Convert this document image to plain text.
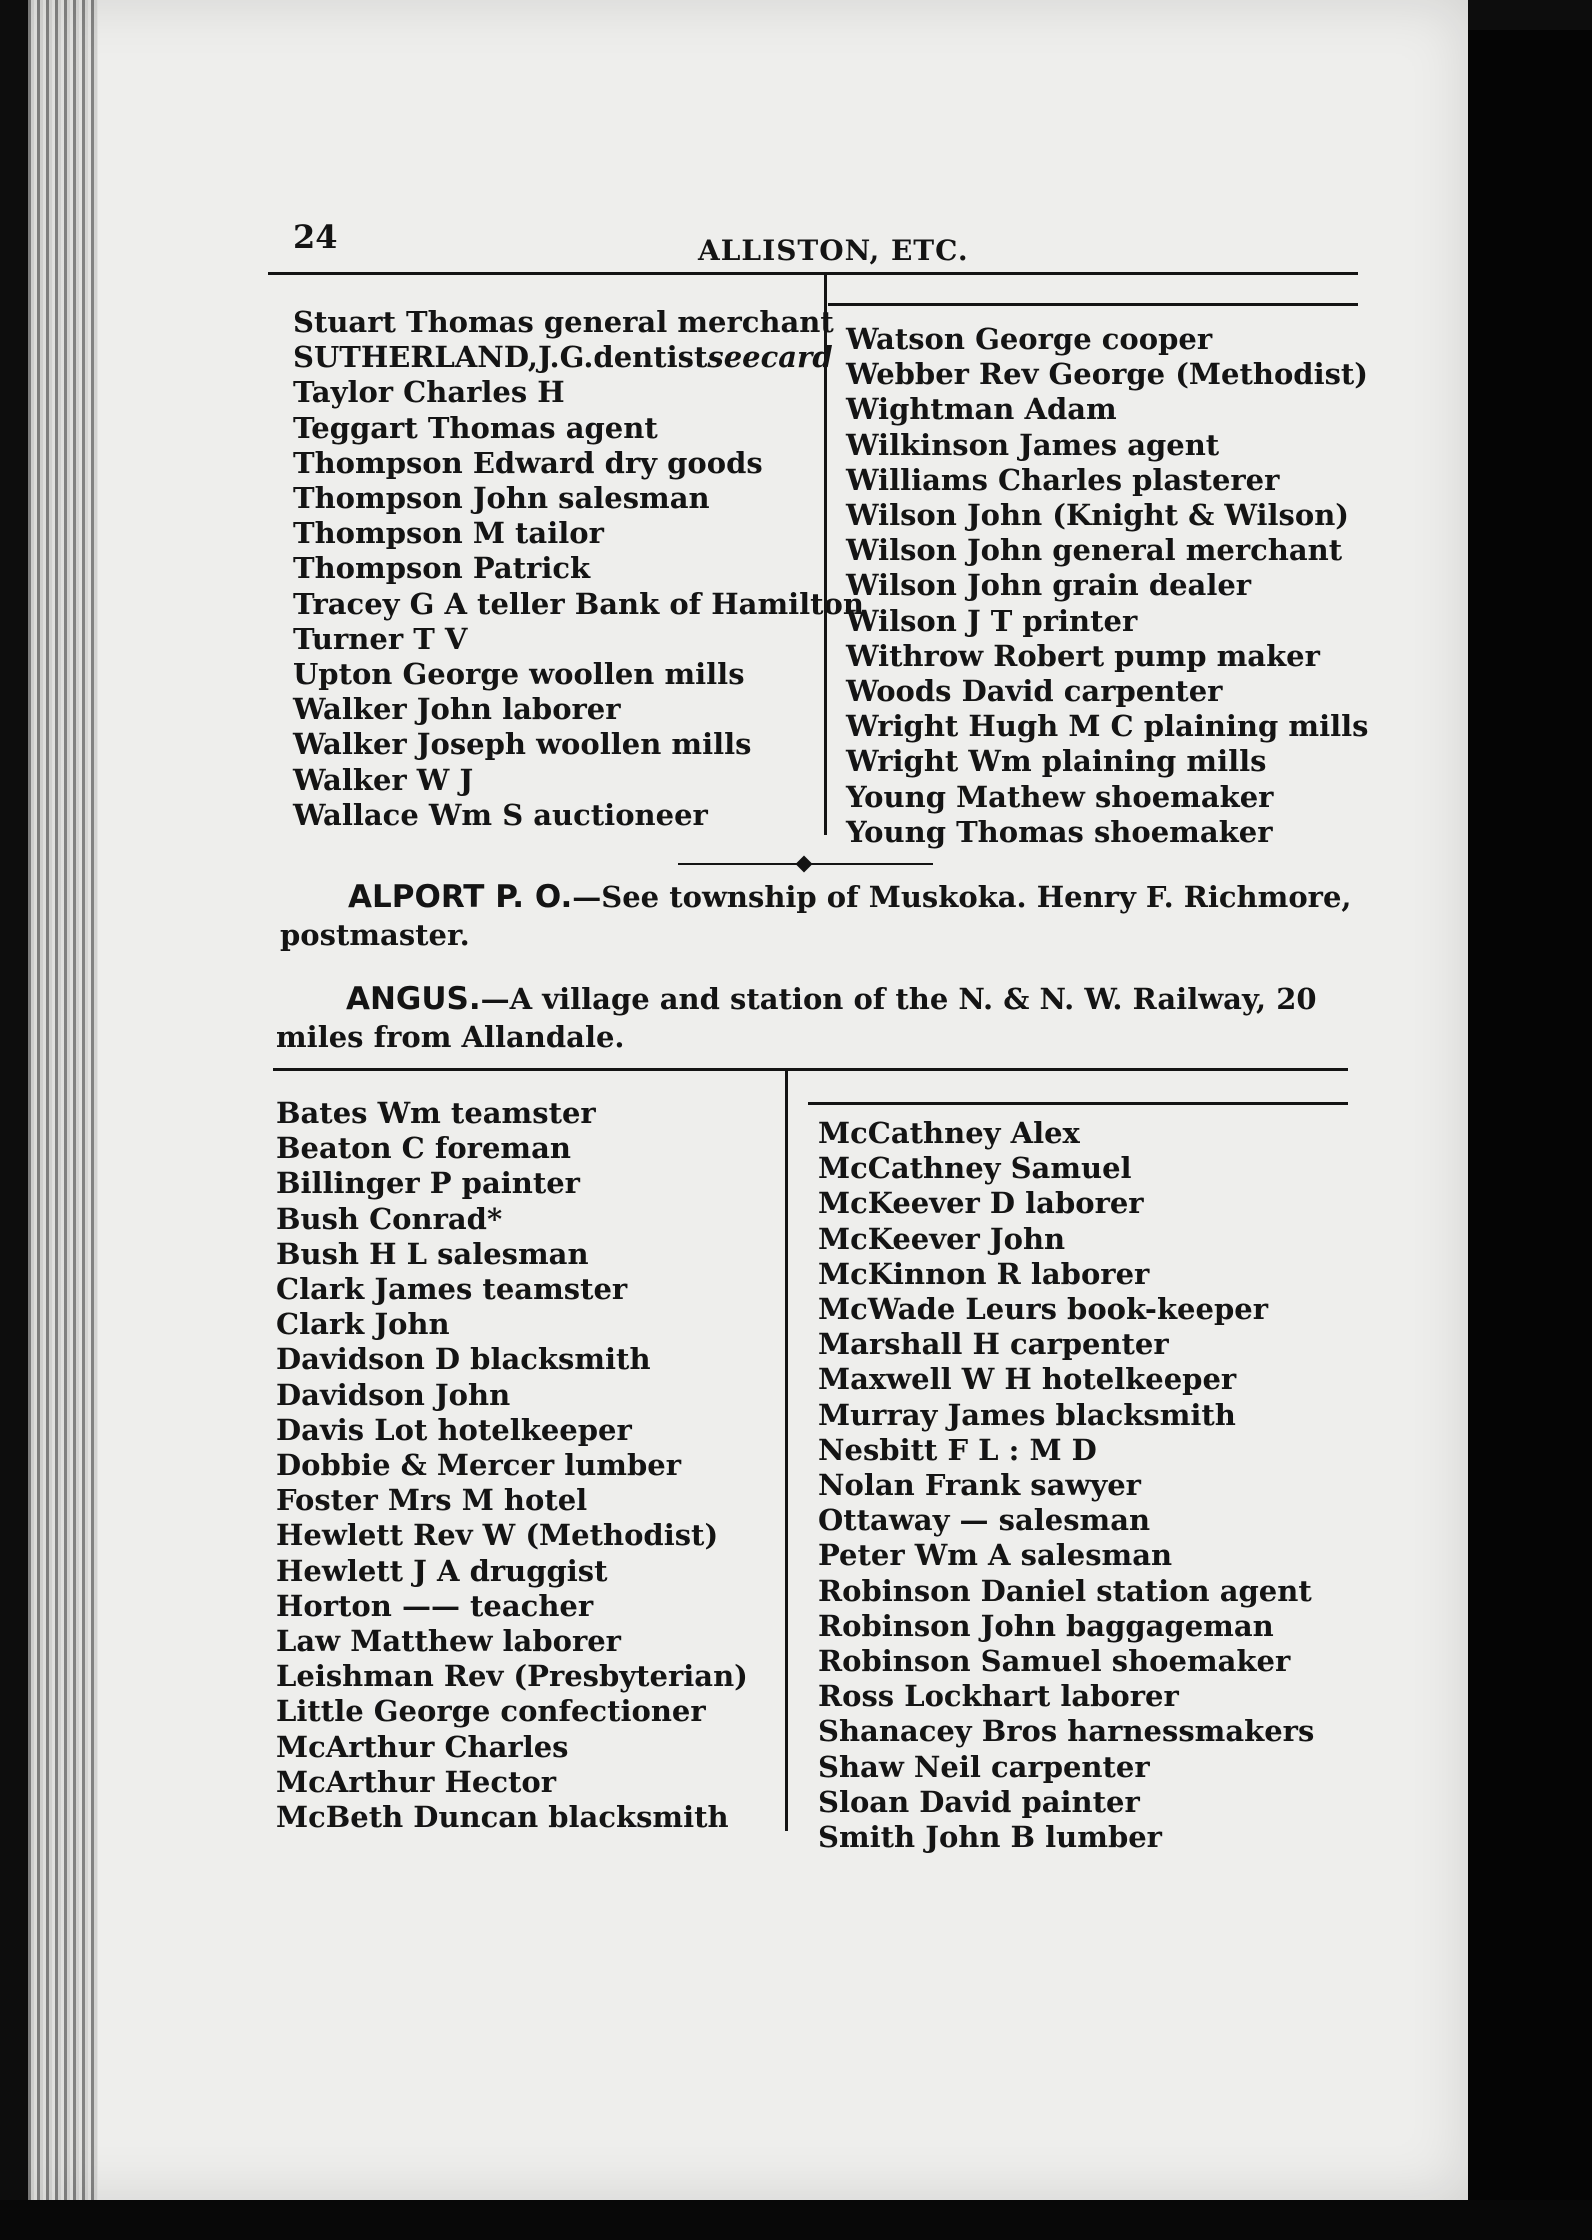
24	ALLISTON, ETC.
Stuart Thomas general merchant
SUTHERLAND,J.G.dentistseecard
Taylor Charles H
Teggart Thomas agent
Thompson Edward dry goods
Thompson John salesman
Thompson M tailor
Thompson Patrick
Tracey G A teller Bank of Hamilton
Turner T V
Upton George woollen mills
Walker John laborer
Walker Joseph woollen mills
Walker W J
Wallace Wm S auctioneer
Watson George cooper
Webber Rev George (Methodist)
Wightman Adam
Wilkinson James agent
Williams Charles plasterer
Wilson John (Knight & Wilson)
Wilson John general merchant
Wilson John grain dealer
Wilson J T printer
Withrow Robert pump maker
Woods David carpenter
Wright Hugh M C plaining mills
Wright Wm plaining mills
Young Mathew shoemaker
Young Thomas shoemaker
ALPORT P. O.—See township of Muskoka. Henry F. Richmore,
postmaster.
ANGUS.—A village and station of the N. & N. W. Railway, 20
miles from Allandale.
Bates Wm teamster
Beaton C foreman
Billinger P painter
Bush Conrad*
Bush H L salesman
Clark James teamster
Clark John
Davidson D blacksmith
Davidson John
Davis Lot hotelkeeper
Dobbie & Mercer lumber
Foster Mrs M hotel
Hewlett Rev W (Methodist)
Hewlett J A druggist
Horton —— teacher
Law Matthew laborer
Leishman Rev (Presbyterian)
Little George confectioner
McArthur Charles
McArthur Hector
McBeth Duncan blacksmith
McCathney Alex
McCathney Samuel
McKeever D laborer
McKeever John
McKinnon R laborer
McWade Leurs book-keeper
Marshall H carpenter
Maxwell W H hotelkeeper
Murray James blacksmith
Nesbitt F L : M D
Nolan Frank sawyer
Ottaway — salesman
Peter Wm A salesman
Robinson Daniel station agent
Robinson John baggageman
Robinson Samuel shoemaker
Ross Lockhart laborer
Shanacey Bros harnessmakers
Shaw Neil carpenter
Sloan David painter
Smith John B lumber
